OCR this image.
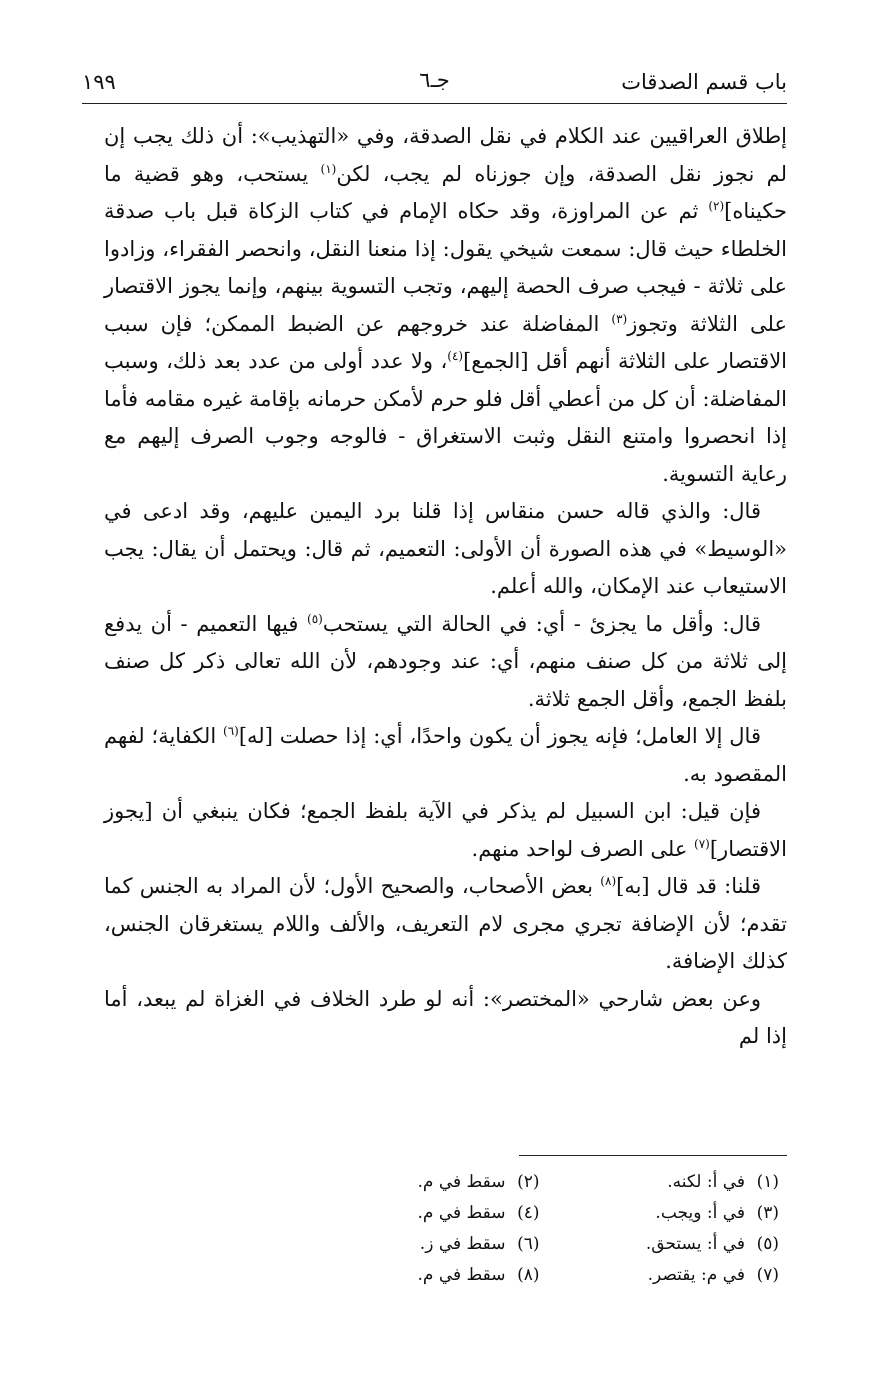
باب قسم الصدقات
جـ٦
١٩٩

إطلاق العراقيين عند الكلام في نقل الصدقة، وفي «التهذيب»: أن ذلك يجب إن لم نجوز نقل الصدقة، وإن جوزناه لم يجب، لكن$^{(١)}$ يستحب، وهو قضية ما حكيناه]$^{(٢)}$ ثم عن المراوزة، وقد حكاه الإمام في كتاب الزكاة قبل باب صدقة الخلطاء حيث قال: سمعت شيخي يقول: إذا منعنا النقل، وانحصر الفقراء، وزادوا على ثلاثة - فيجب صرف الحصة إليهم، وتجب التسوية بينهم، وإنما يجوز الاقتصار على الثلاثة وتجوز$^{(٣)}$ المفاضلة عند خروجهم عن الضبط الممكن؛ فإن سبب الاقتصار على الثلاثة أنهم أقل [الجمع]$^{(٤)}$، ولا عدد أولى من عدد بعد ذلك، وسبب المفاضلة: أن كل من أعطي أقل فلو حرم لأمكن حرمانه بإقامة غيره مقامه فأما إذا انحصروا وامتنع النقل وثبت الاستغراق - فالوجه وجوب الصرف إليهم مع رعاية التسوية.

قال: والذي قاله حسن منقاس إذا قلنا برد اليمين عليهم، وقد ادعى في «الوسيط» في هذه الصورة أن الأولى: التعميم، ثم قال: ويحتمل أن يقال: يجب الاستيعاب عند الإمكان، والله أعلم.

قال: وأقل ما يجزئ - أي: في الحالة التي يستحب$^{(٥)}$ فيها التعميم - أن يدفع إلى ثلاثة من كل صنف منهم، أي: عند وجودهم، لأن الله تعالى ذكر كل صنف بلفظ الجمع، وأقل الجمع ثلاثة.

قال إلا العامل؛ فإنه يجوز أن يكون واحدًا، أي: إذا حصلت [له]$^{(٦)}$ الكفاية؛ لفهم المقصود به.

فإن قيل: ابن السبيل لم يذكر في الآية بلفظ الجمع؛ فكان ينبغي أن [يجوز الاقتصار]$^{(٧)}$ على الصرف لواحد منهم.

قلنا: قد قال [به]$^{(٨)}$ بعض الأصحاب، والصحيح الأول؛ لأن المراد به الجنس كما تقدم؛ لأن الإضافة تجري مجرى لام التعريف، والألف واللام يستغرقان الجنس، كذلك الإضافة.

وعن بعض شارحي «المختصر»: أنه لو طرد الخلاف في الغزاة لم يبعد، أما إذا لم

(١)في أ: لكنه.
(٢)سقط في م.
(٣)في أ: ويجب.
(٤)سقط في م.
(٥)في أ: يستحق.
(٦)سقط في ز.
(٧)في م: يقتصر.
(٨)سقط في م.
